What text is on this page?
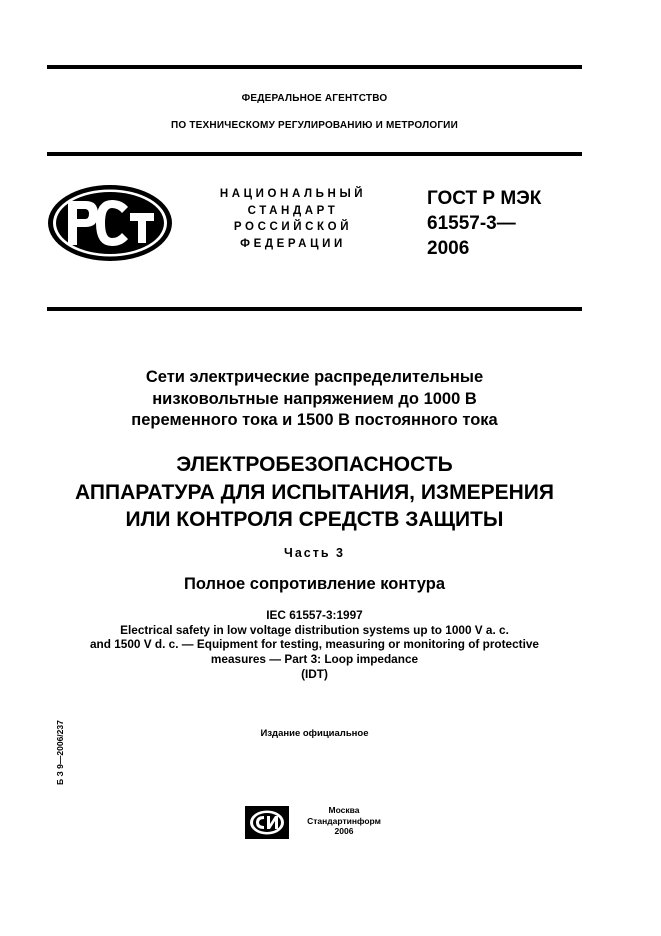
ФЕДЕРАЛЬНОЕ АГЕНТСТВО
ПО ТЕХНИЧЕСКОМУ РЕГУЛИРОВАНИЮ И МЕТРОЛОГИИ
НАЦИОНАЛЬНЫЙ
СТАНДАРТ
РОССИЙСКОЙ
ФЕДЕРАЦИИ
ГОСТ Р МЭК
61557-3—
2006
Сети электрические распределительные
низковольтные напряжением до 1000 В
переменного тока и 1500 В постоянного тока
ЭЛЕКТРОБЕЗОПАСНОСТЬ
АППАРАТУРА ДЛЯ ИСПЫТАНИЯ, ИЗМЕРЕНИЯ
ИЛИ КОНТРОЛЯ СРЕДСТВ ЗАЩИТЫ
Часть 3
Полное сопротивление контура
IEC 61557-3:1997
Electrical safety in low voltage distribution systems up to 1000 V a. c.
and 1500 V d. c. — Equipment for testing, measuring or monitoring of protective
measures — Part 3: Loop impedance
(IDT)
Издание официальное
Б З 9—2006/237
Москва
Стандартинформ
2006
